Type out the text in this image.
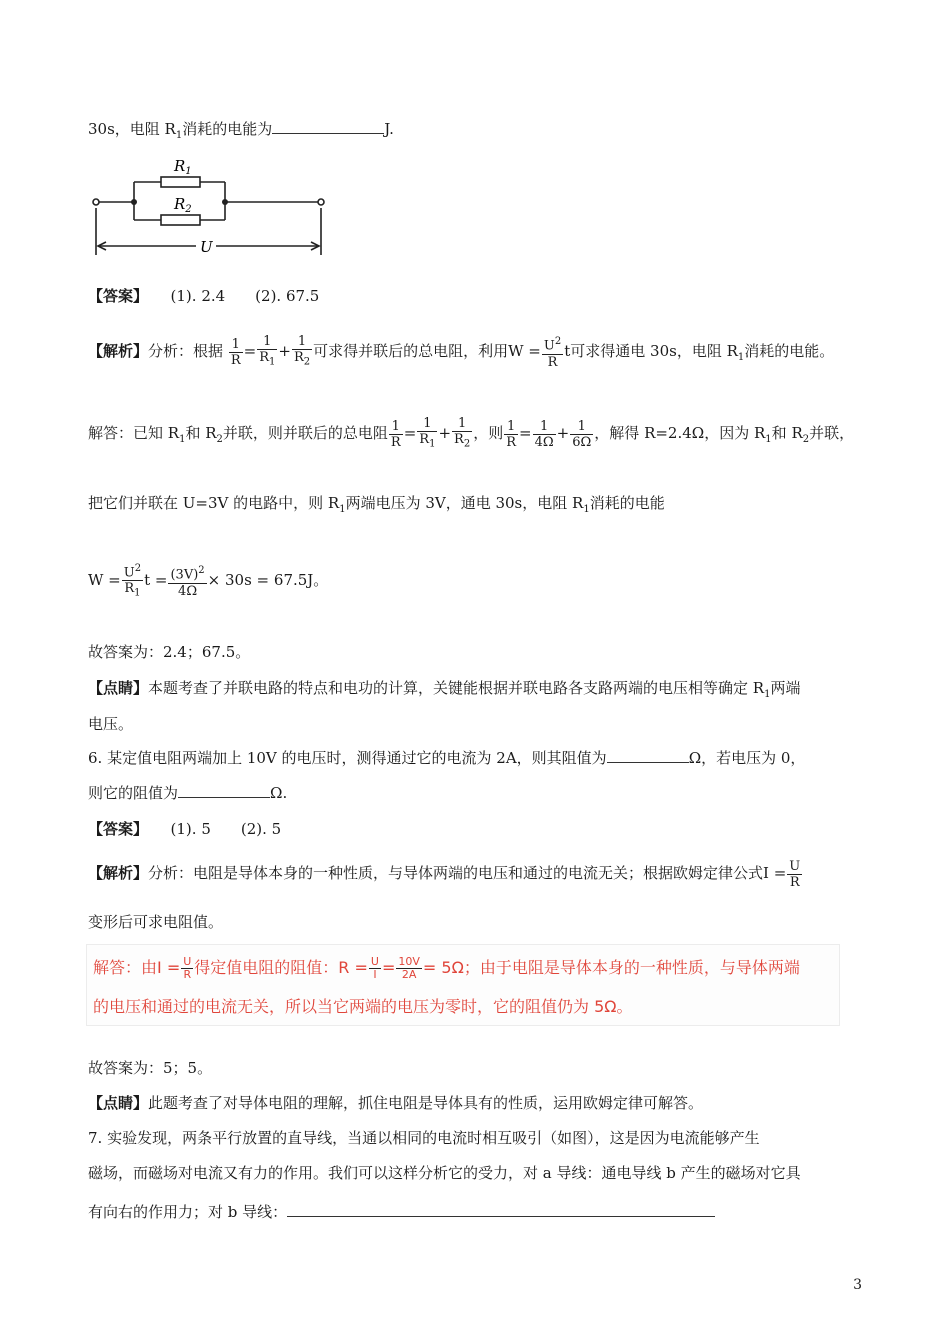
30s，电阻 $R_1$消耗的电能为	J.
$R_1$
$R_2$
U
【答案】　　 (1). 2.4　　(2). 67.5
【解析】分析：根据 $\frac{1}{R} = \frac{1}{R_1} + \frac{1}{R_2}$ 可求得并联后的总电阻，利用$W = \frac{U^2}{R}$ t可求得通电 30s，电阻 $R_1$消耗的电能。
解答：已知 $R_1$和 $R_2$并联，则并联后的总电阻 $\frac{1}{R} = \frac{1}{R_1} + \frac{1}{R_2}$ ，则 $\frac{1}{R} = \frac{1}{4\Omega} + \frac{1}{6\Omega}$ ，解得 R=2.4Ω，因为 $R_1$和 $R_2$并联，
把它们并联在 U=3V 的电路中，则 $R_1$两端电压为 3V，通电 30s，电阻 $R_1$消耗的电能
$W = \frac{U^2}{R_1}$ $t = \frac{(3V)^2}{4\Omega} \times 30s = 67.5J$。
故答案为：2.4；67.5。
【点睛】本题考查了并联电路的特点和电功的计算，关键能根据并联电路各支路两端的电压相等确定 $R_1$两端
电压。
6. 某定值电阻两端加上 10V 的电压时，测得通过它的电流为 2A，则其阻值为	Ω，若电压为 0，
则它的阻值为	Ω.
【答案】　　 (1). 5　　(2). 5
【解析】分析：电阻是导体本身的一种性质，与导体两端的电压和通过的电流无关；根据欧姆定律公式$I = \frac{U}{R}$
变形后可求电阻值。
解答：由$I = \frac{U}{R}$ 得定值电阻的阻值：$R = \frac{U}{I} = \frac{10V}{2A} = 5\Omega$；由于电阻是导体本身的一种性质，与导体两端
的电压和通过的电流无关，所以当它两端的电压为零时，它的阻值仍为 5Ω。
故答案为：5；5。
【点睛】此题考查了对导体电阻的理解，抓住电阻是导体具有的性质，运用欧姆定律可解答。
7. 实验发现，两条平行放置的直导线，当通以相同的电流时相互吸引（如图），这是因为电流能够产生
磁场，而磁场对电流又有力的作用。我们可以这样分析它的受力，对 a 导线：通电导线 b 产生的磁场对它具
有向右的作用力；对 b 导线：
3
